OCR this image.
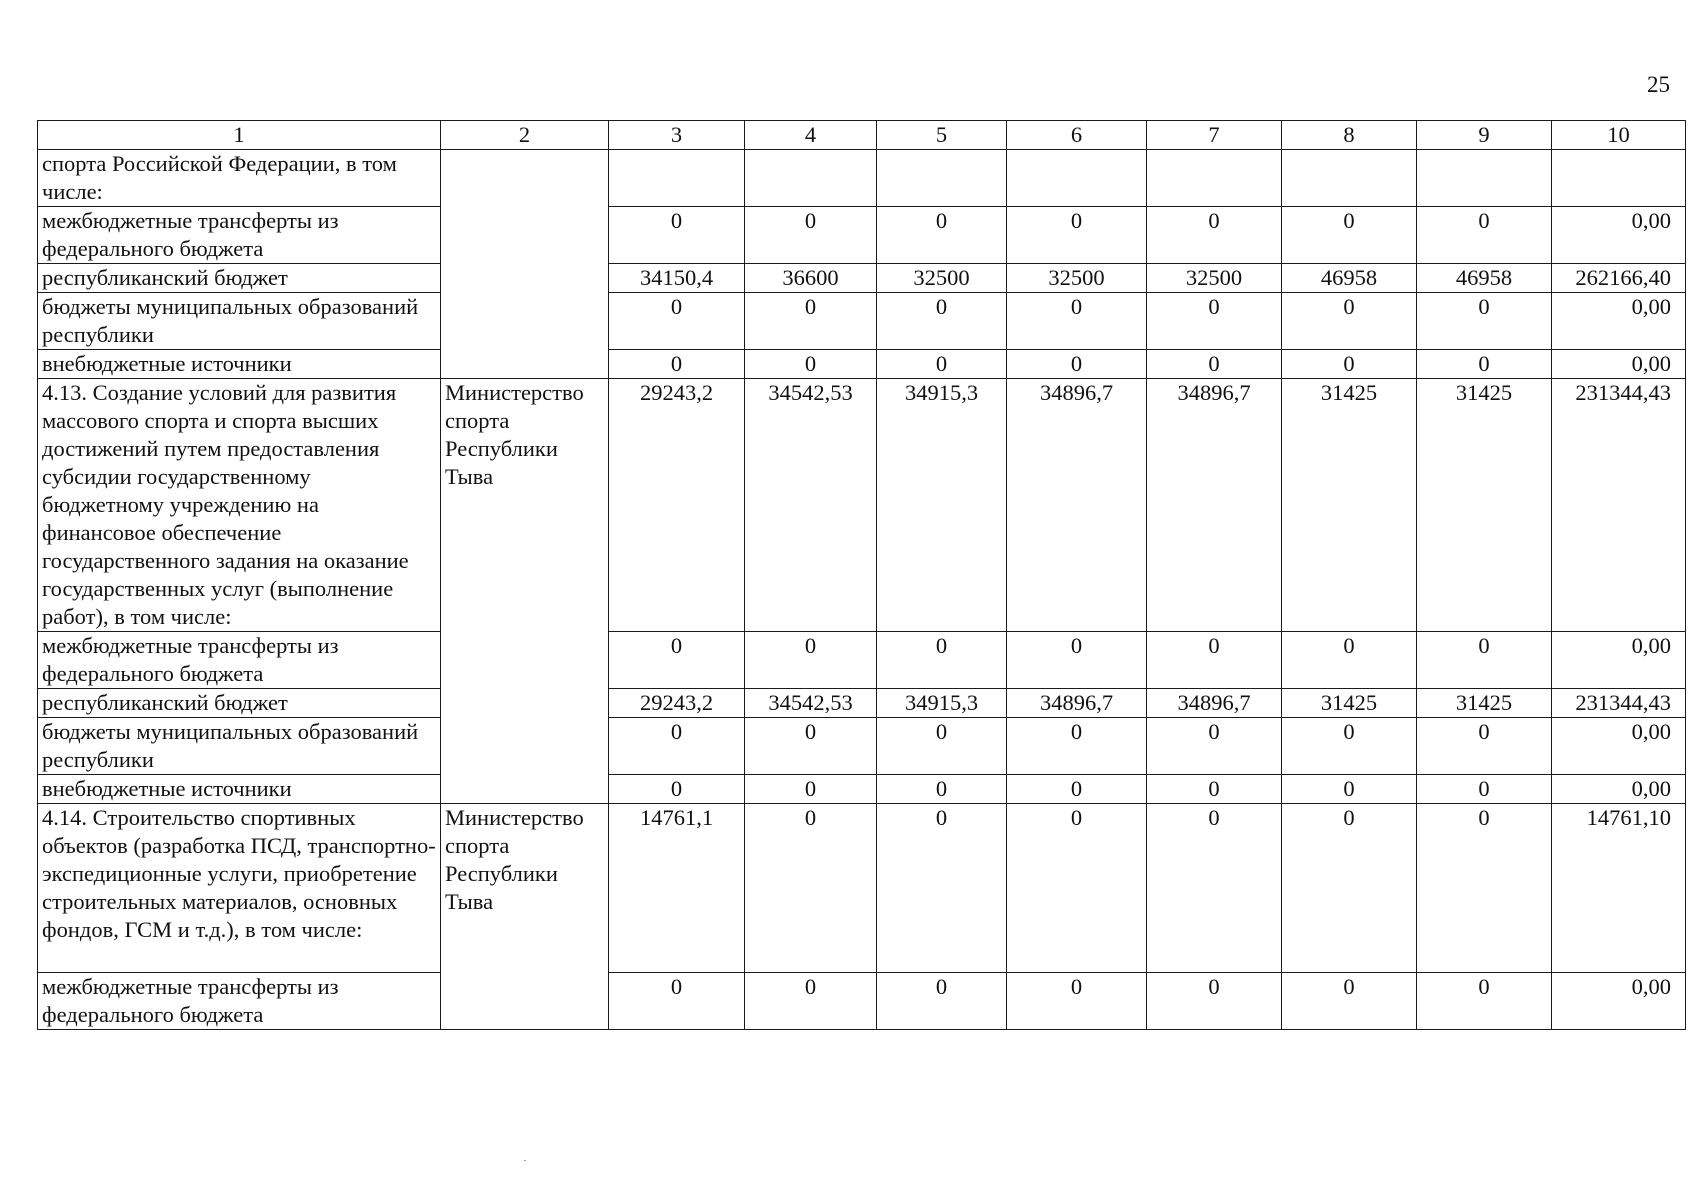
25
1	2	3	4	5	6	7	8	9	10
спорта Российской Федерации, в том числе:									
межбюджетные трансферты из федерального бюджета		0	0	0	0	0	0	0	0,00
республиканский бюджет		34150,4	36600	32500	32500	32500	46958	46958	262166,40
бюджеты муниципальных образований республики		0	0	0	0	0	0	0	0,00
внебюджетные источники		0	0	0	0	0	0	0	0,00
4.13. Создание условий для развития массового спорта и спорта высших достижений путем предоставления субсидии государственному бюджетному учреждению на финансовое обеспечение государственного задания на оказание государственных услуг (выполнение работ), в том числе:	Министерство спорта Республики Тыва	29243,2	34542,53	34915,3	34896,7	34896,7	31425	31425	231344,43
межбюджетные трансферты из федерального бюджета		0	0	0	0	0	0	0	0,00
республиканский бюджет		29243,2	34542,53	34915,3	34896,7	34896,7	31425	31425	231344,43
бюджеты муниципальных образований республики		0	0	0	0	0	0	0	0,00
внебюджетные источники		0	0	0	0	0	0	0	0,00
4.14. Строительство спортивных объектов (разработка ПСД, транспортно-экспедиционные услуги, приобретение строительных материалов, основных фондов, ГСМ и т.д.), в том числе:	Министерство спорта Республики Тыва	14761,1	0	0	0	0	0	0	14761,10
межбюджетные трансферты из федерального бюджета		0	0	0	0	0	0	0	0,00
